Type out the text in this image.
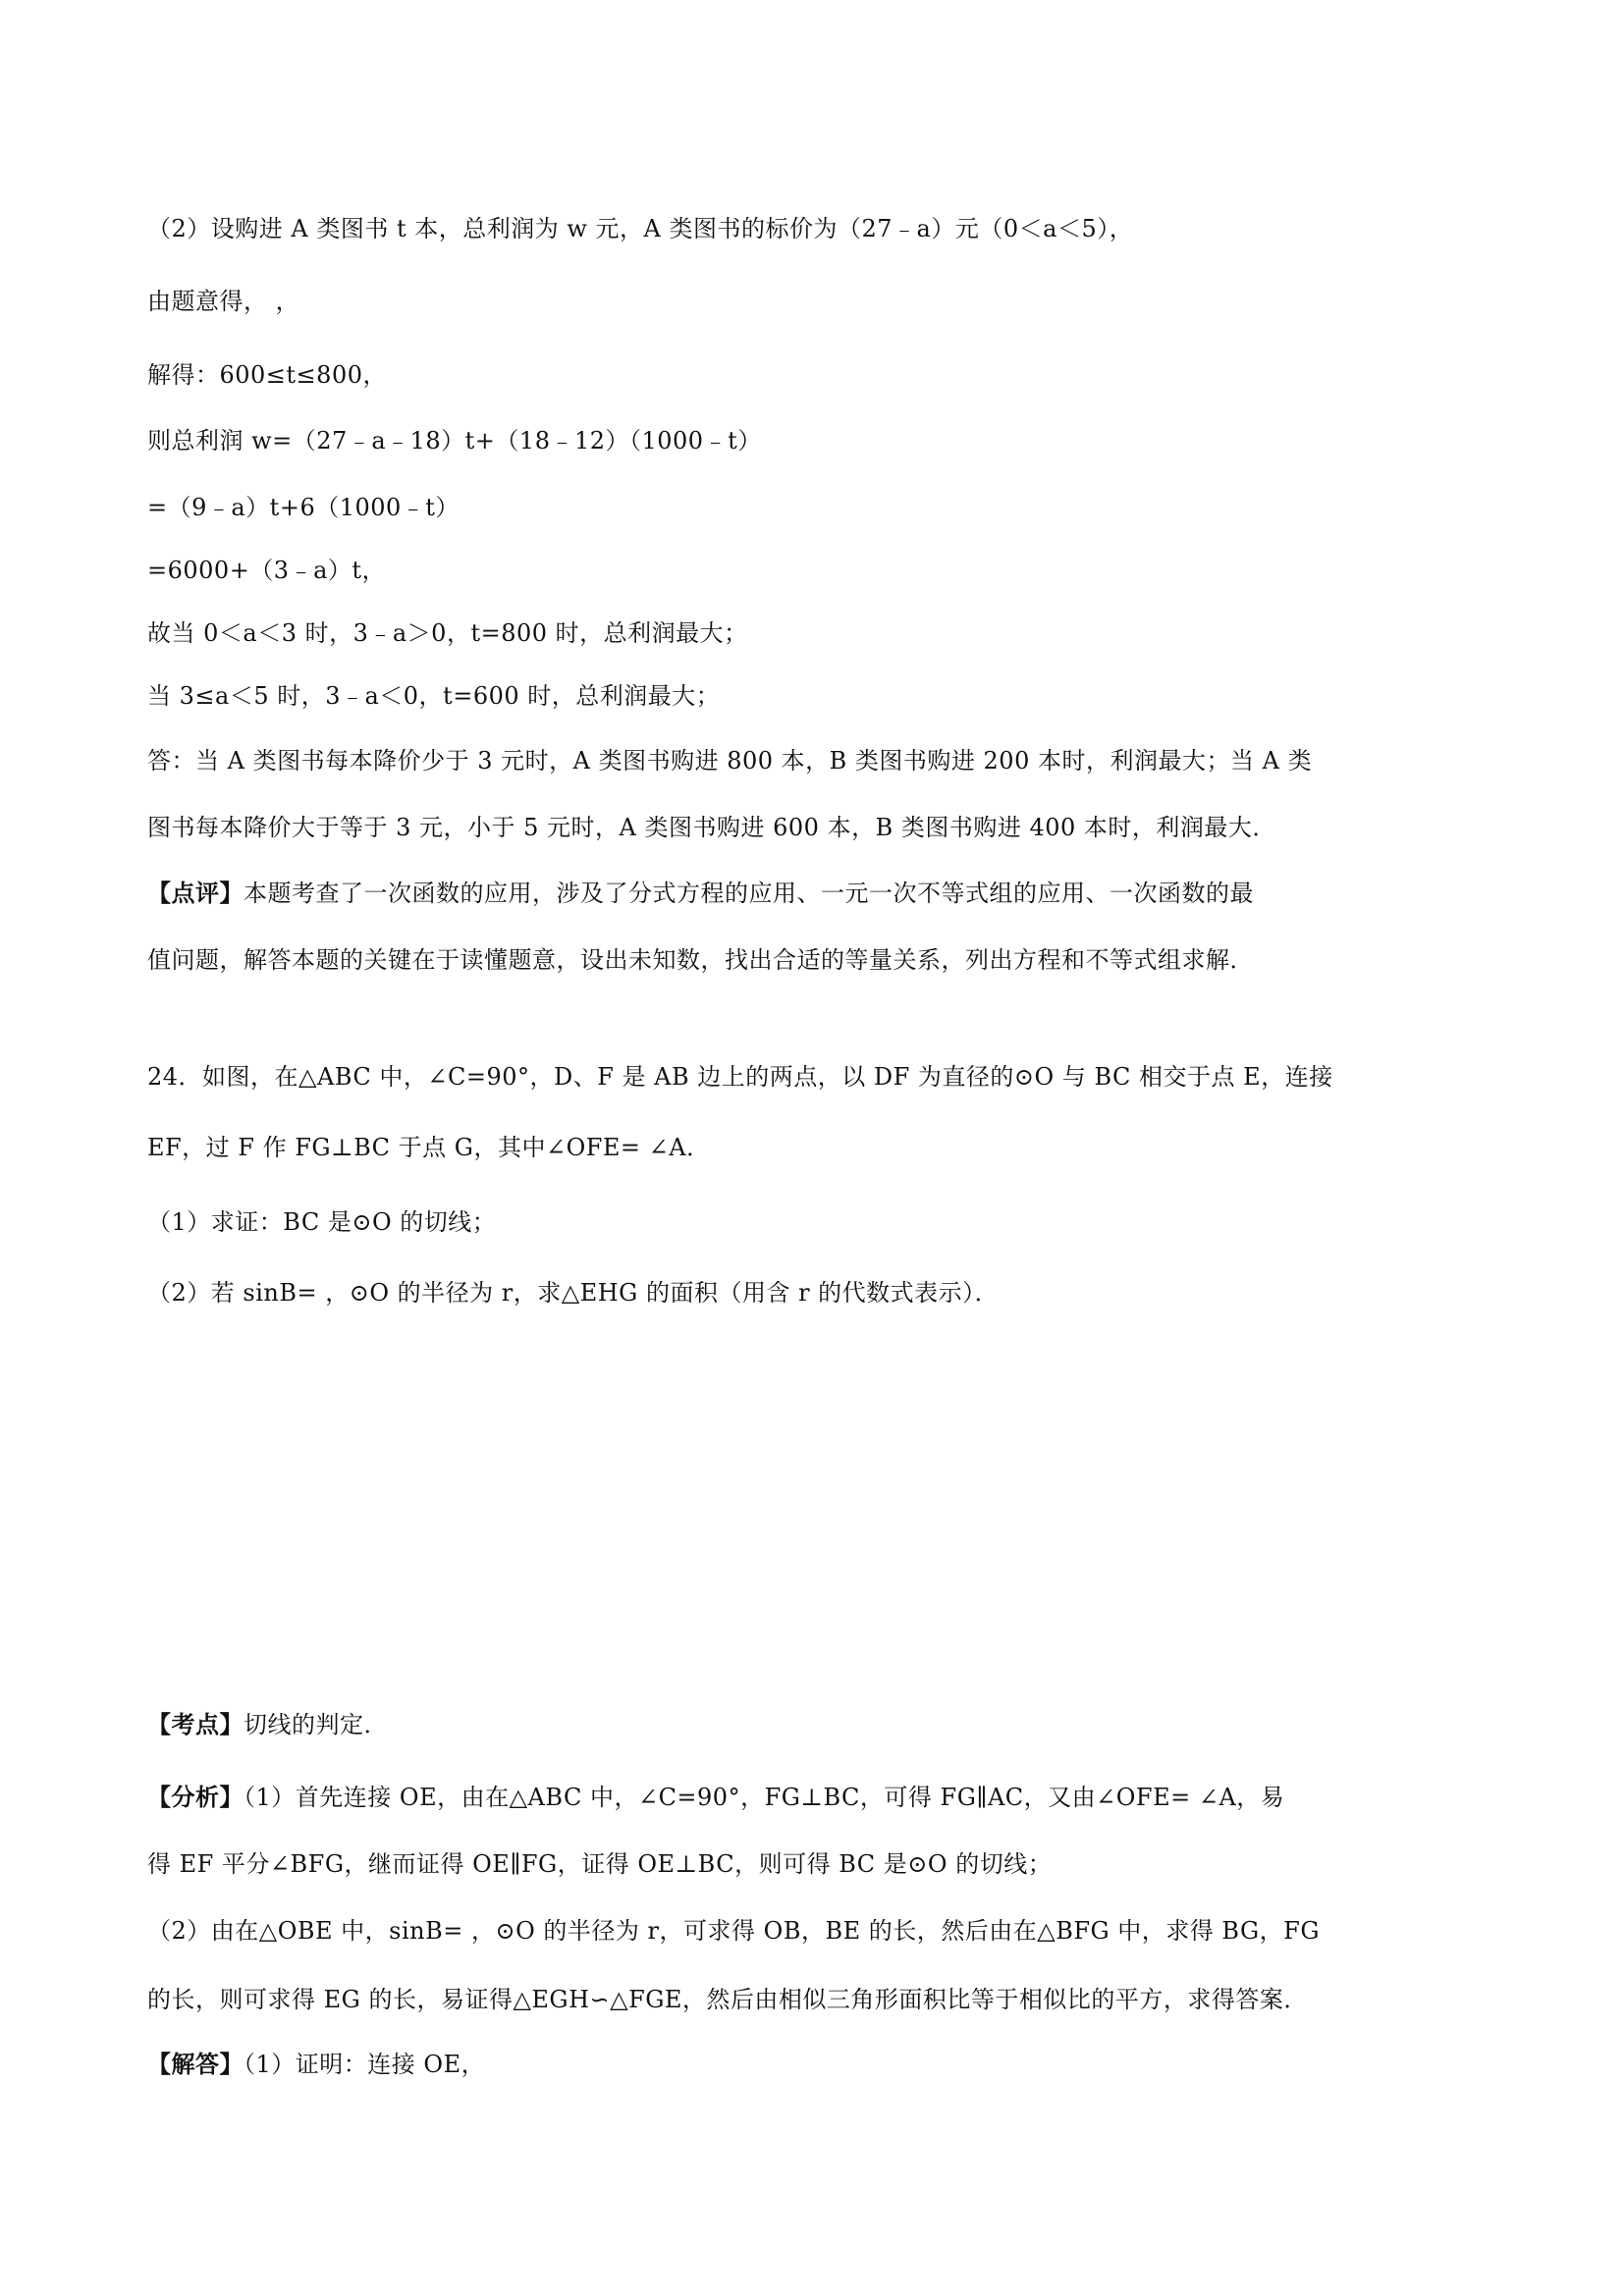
（2）设购进 A 类图书 t 本，总利润为 w 元，A 类图书的标价为（27﹣a）元（0＜a＜5），
由题意得， ，
解得：600≤t≤800，
则总利润 w=（27﹣a﹣18）t+（18﹣12）（1000﹣t）
=（9﹣a）t+6（1000﹣t）
=6000+（3﹣a）t，
故当 0＜a＜3 时，3﹣a＞0，t=800 时，总利润最大；
当 3≤a＜5 时，3﹣a＜0，t=600 时，总利润最大；
答：当 A 类图书每本降价少于 3 元时，A 类图书购进 800 本，B 类图书购进 200 本时，利润最大；当 A 类
图书每本降价大于等于 3 元，小于 5 元时，A 类图书购进 600 本，B 类图书购进 400 本时，利润最大．
【点评】本题考查了一次函数的应用，涉及了分式方程的应用、一元一次不等式组的应用、一次函数的最
值问题，解答本题的关键在于读懂题意，设出未知数，找出合适的等量关系，列出方程和不等式组求解．
24．如图，在△ABC 中，∠C=90°，D、F 是 AB 边上的两点，以 DF 为直径的⊙O 与 BC 相交于点 E，连接
EF，过 F 作 FG⊥BC 于点 G，其中∠OFE= ∠A．
（1）求证：BC 是⊙O 的切线；
（2）若 sinB= ，⊙O 的半径为 r，求△EHG 的面积（用含 r 的代数式表示）．
【考点】切线的判定．
【分析】（1）首先连接 OE，由在△ABC 中，∠C=90°，FG⊥BC，可得 FG∥AC，又由∠OFE= ∠A，易
得 EF 平分∠BFG，继而证得 OE∥FG，证得 OE⊥BC，则可得 BC 是⊙O 的切线；
（2）由在△OBE 中，sinB= ，⊙O 的半径为 r，可求得 OB，BE 的长，然后由在△BFG 中，求得 BG，FG
的长，则可求得 EG 的长，易证得△EGH∽△FGE，然后由相似三角形面积比等于相似比的平方，求得答案．
【解答】（1）证明：连接 OE，
